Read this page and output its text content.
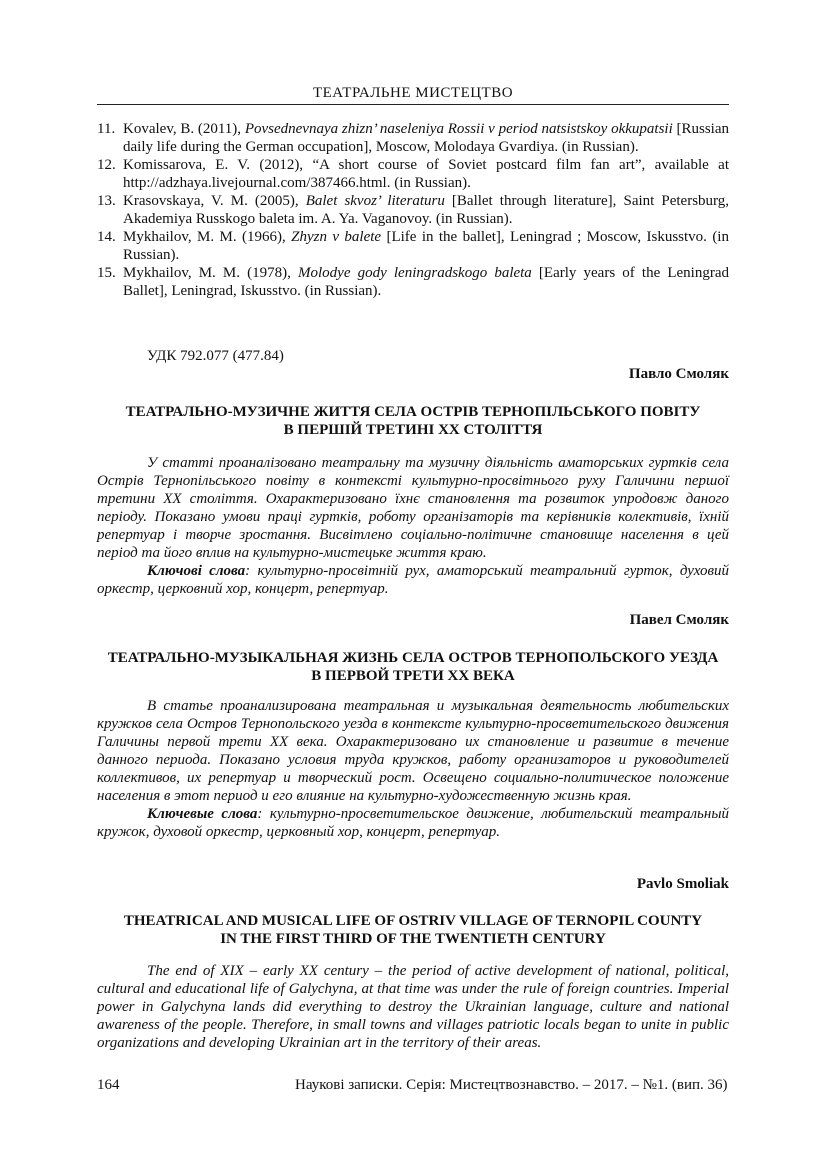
ТЕАТРАЛЬНЕ МИСТЕЦТВО
11. Kovalev, B. (2011), Povsednevnaya zhizn’ naseleniya Rossii v period natsistskoy okkupatsii [Russian daily life during the German occupation], Moscow, Molodaya Gvardiya. (in Russian).
12. Komissarova, E. V. (2012), “A short course of Soviet postcard film fan art”, available at http://adzhaya.livejournal.com/387466.html. (in Russian).
13. Krasovskaya, V. M. (2005), Balet skvoz’ literaturu [Ballet through literature], Saint Petersburg, Akademiya Russkogo baleta im. A. Ya. Vaganovoy. (in Russian).
14. Mykhailov, M. M. (1966), Zhyzn v balete [Life in the ballet], Leningrad ; Moscow, Iskusstvo. (in Russian).
15. Mykhailov, M. M. (1978), Molodye gody leningradskogo baleta [Early years of the Leningrad Ballet], Leningrad, Iskusstvo. (in Russian).
УДК 792.077 (477.84)
Павло Смоляк
ТЕАТРАЛЬНО-МУЗИЧНЕ ЖИТТЯ СЕЛА ОСТРІВ ТЕРНОПІЛЬСЬКОГО ПОВІТУ
В ПЕРШІЙ ТРЕТИНІ ХХ СТОЛІТТЯ

У статті проаналізовано театральну та музичну діяльність аматорських гуртків села Острів Тернопільського повіту в контексті культурно-просвітнього руху Галичини першої третини ХХ століття. Охарактеризовано їхнє становлення та розвиток упродовж даного періоду. Показано умови праці гуртків, роботу організаторів та керівників колективів, їхній репертуар і творче зростання. Висвітлено соціально-політичне становище населення в цей період та його вплив на культурно-мистецьке життя краю.

Ключові слова: культурно-просвітній рух, аматорський театральний гурток, духовий оркестр, церковний хор, концерт, репертуар.

Павел Смоляк
ТЕАТРАЛЬНО-МУЗЫКАЛЬНАЯ ЖИЗНЬ СЕЛА ОСТРОВ ТЕРНОПОЛЬСКОГО УЕЗДА
В ПЕРВОЙ ТРЕТИ ХХ ВЕКА

В статье проанализирована театральная и музыкальная деятельность любительских кружков села Остров Тернопольского уезда в контексте культурно-просветительского движения Галичины первой трети ХХ века. Охарактеризовано их становление и развитие в течение данного периода. Показано условия труда кружков, работу организаторов и руководителей коллективов, их репертуар и творческий рост. Освещено социально-политическое положение населения в этот период и его влияние на культурно-художественную жизнь края.

Ключевые слова: культурно-просветительское движение, любительский театральный кружок, духовой оркестр, церковный хор, концерт, репертуар.

Pavlo Smoliak
THEATRICAL AND MUSICAL LIFE OF OSTRIV VILLAGE OF TERNOPIL COUNTY
IN THE FIRST THIRD OF THE TWENTIETH CENTURY

The end of XIX – early XX century – the period of active development of national, political, cultural and educational life of Galychyna, at that time was under the rule of foreign countries. Imperial power in Galychyna lands did everything to destroy the Ukrainian language, culture and national awareness of the people. Therefore, in small towns and villages patriotic locals began to unite in public organizations and developing Ukrainian art in the territory of their areas.

164	Наукові записки. Серія: Мистецтвознавство. – 2017. – №1. (вип. 36)
